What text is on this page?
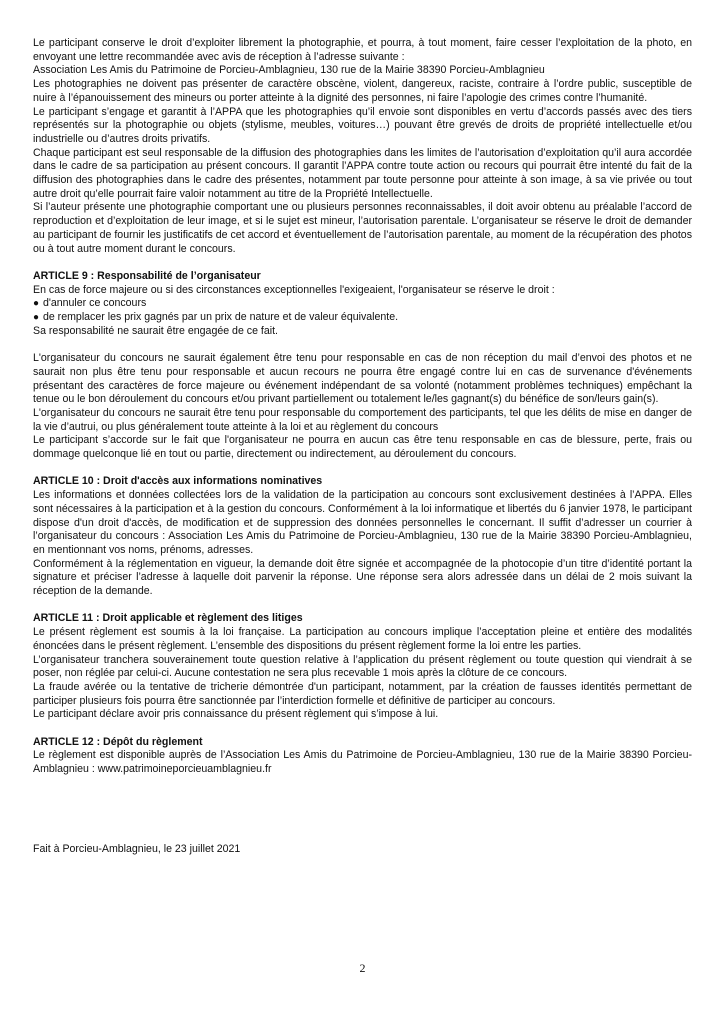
Le participant conserve le droit d’exploiter librement la photographie, et pourra, à tout moment, faire cesser l’exploitation de la photo, en envoyant une lettre recommandée avec avis de réception à l’adresse suivante :

Association Les Amis du Patrimoine de Porcieu-Amblagnieu, 130 rue de la Mairie 38390 Porcieu-Amblagnieu

Les photographies ne doivent pas présenter de caractère obscène, violent, dangereux, raciste, contraire à l’ordre public, susceptible de nuire à l’épanouissement des mineurs ou porter atteinte à la dignité des personnes, ni faire l’apologie des crimes contre l’humanité.

Le participant s’engage et garantit à l’APPA que les photographies qu’il envoie sont disponibles en vertu d’accords passés avec des tiers représentés sur la photographie ou objets (stylisme, meubles, voitures…) pouvant être grevés de droits de propriété intellectuelle et/ou industrielle ou d’autres droits privatifs.

Chaque participant est seul responsable de la diffusion des photographies dans les limites de l’autorisation d’exploitation qu’il aura accordée dans le cadre de sa participation au présent concours. Il garantit l’APPA contre toute action ou recours qui pourrait être intenté du fait de la diffusion des photographies dans le cadre des présentes, notamment par toute personne pour atteinte à son image, à sa vie privée ou tout autre droit qu’elle pourrait faire valoir notamment au titre de la Propriété Intellectuelle.

Si l’auteur présente une photographie comportant une ou plusieurs personnes reconnaissables, il doit avoir obtenu au préalable l’accord de reproduction et d’exploitation de leur image, et si le sujet est mineur, l’autorisation parentale. L’organisateur se réserve le droit de demander au participant de fournir les justificatifs de cet accord et éventuellement de l’autorisation parentale, au moment de la récupération des photos ou à tout autre moment durant le concours.

ARTICLE 9 : Responsabilité de l’organisateur

En cas de force majeure ou si des circonstances exceptionnelles l'exigeaient, l'organisateur se réserve le droit :

● d'annuler ce concours
● de remplacer les prix gagnés par un prix de nature et de valeur équivalente.

Sa responsabilité ne saurait être engagée de ce fait.

L'organisateur du concours ne saurait également être tenu pour responsable en cas de non réception du mail d’envoi des photos et ne saurait non plus être tenu pour responsable et aucun recours ne pourra être engagé contre lui en cas de survenance d'événements présentant des caractères de force majeure ou événement indépendant de sa volonté (notamment problèmes techniques) empêchant la tenue ou le bon déroulement du concours et/ou privant partiellement ou totalement le/les gagnant(s) du bénéfice de son/leurs gain(s).

L'organisateur du concours ne saurait être tenu pour responsable du comportement des participants, tel que les délits de mise en danger de la vie d’autrui, ou plus généralement toute atteinte à la loi et au règlement du concours

Le participant s’accorde sur le fait que l'organisateur ne pourra en aucun cas être tenu responsable en cas de blessure, perte, frais ou dommage quelconque lié en tout ou partie, directement ou indirectement, au déroulement du concours.

ARTICLE 10 : Droit d'accès aux informations nominatives

Les informations et données collectées lors de la validation de la participation au concours sont exclusivement destinées à l’APPA. Elles sont nécessaires à la participation et à la gestion du concours. Conformément à la loi informatique et libertés du 6 janvier 1978, le participant dispose d'un droit d'accès, de modification et de suppression des données personnelles le concernant. Il suffit d’adresser un courrier à l’organisateur du concours : Association Les Amis du Patrimoine de Porcieu-Amblagnieu, 130 rue de la Mairie 38390 Porcieu-Amblagnieu, en mentionnant vos noms, prénoms, adresses.

Conformément à la réglementation en vigueur, la demande doit être signée et accompagnée de la photocopie d’un titre d’identité portant la signature et préciser l’adresse à laquelle doit parvenir la réponse. Une réponse sera alors adressée dans un délai de 2 mois suivant la réception de la demande.

ARTICLE 11 : Droit applicable et règlement des litiges

Le présent règlement est soumis à la loi française. La participation au concours implique l’acceptation pleine et entière des modalités énoncées dans le présent règlement. L’ensemble des dispositions du présent règlement forme la loi entre les parties.

L’organisateur tranchera souverainement toute question relative à l’application du présent règlement ou toute question qui viendrait à se poser, non réglée par celui-ci. Aucune contestation ne sera plus recevable 1 mois après la clôture de ce concours.

La fraude avérée ou la tentative de tricherie démontrée d'un participant, notamment, par la création de fausses identités permettant de participer plusieurs fois pourra être sanctionnée par l’interdiction formelle et définitive de participer au concours.

Le participant déclare avoir pris connaissance du présent règlement qui s’impose à lui.

ARTICLE 12 : Dépôt du règlement

Le règlement est disponible auprès de l’Association Les Amis du Patrimoine de Porcieu-Amblagnieu, 130 rue de la Mairie 38390 Porcieu-Amblagnieu : www.patrimoineporcieuamblagnieu.fr

Fait à Porcieu-Amblagnieu, le 23 juillet 2021
2
